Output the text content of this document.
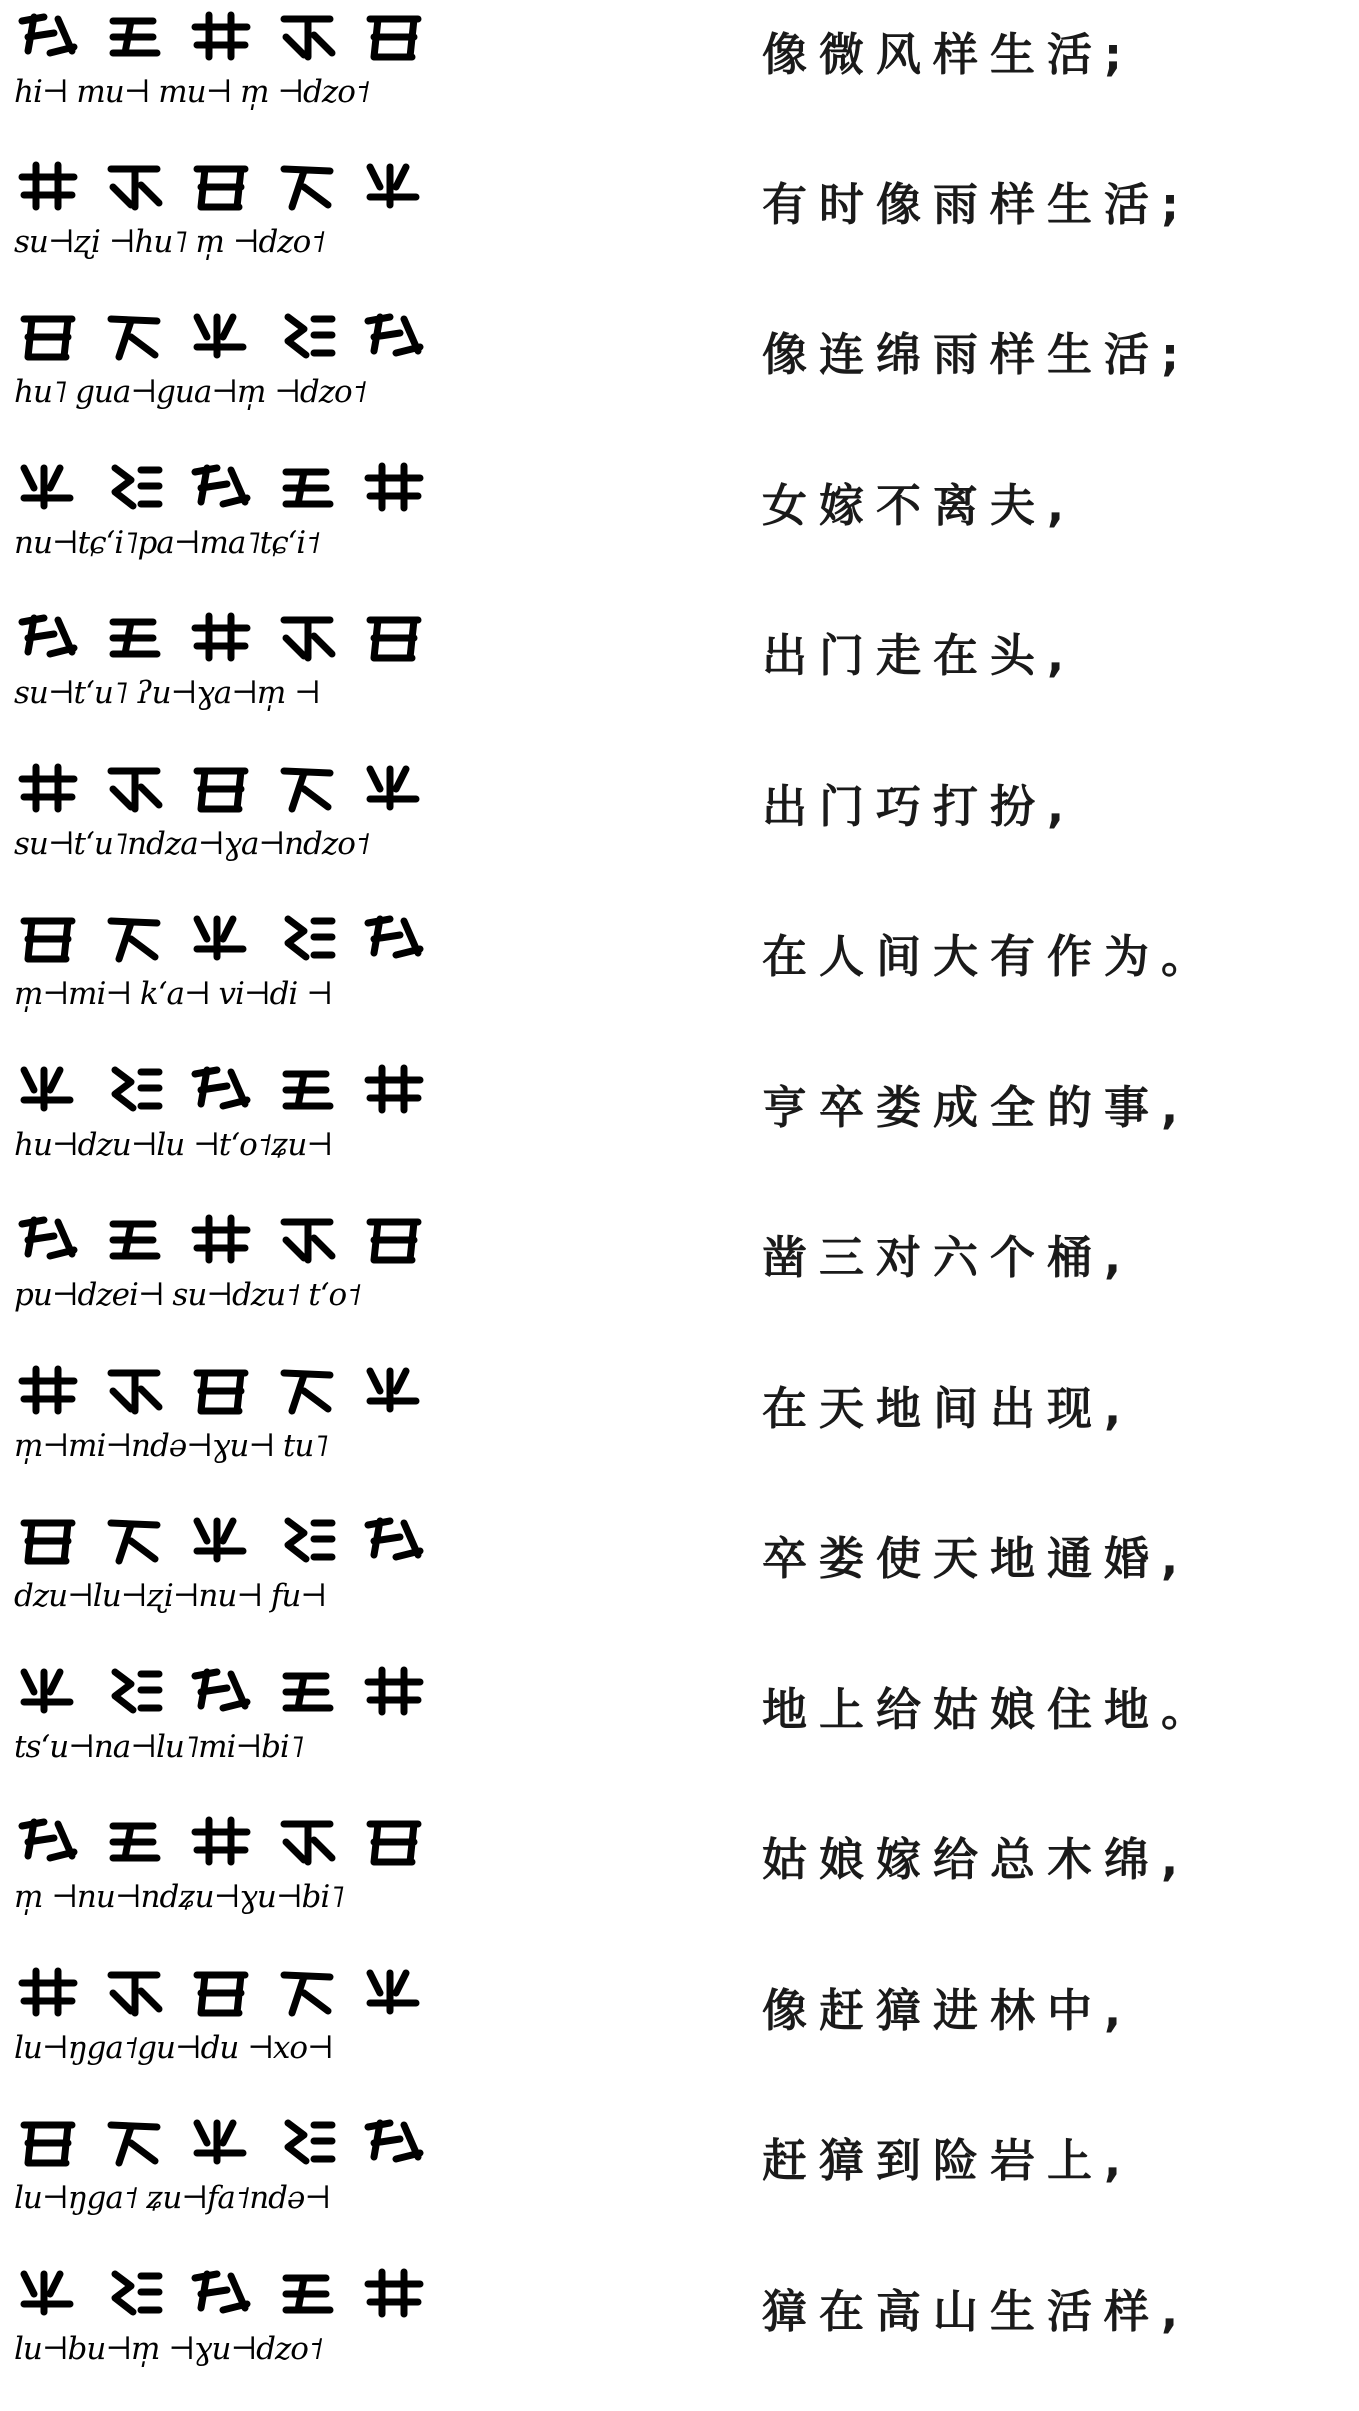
hi⊣ mu⊣ mu⊣ m̩ ⊣dzo˦
像微风样生活;
su⊣ʐi ⊣hu˥ m̩ ⊣dzo˦
有时像雨样生活;
hu˥ gua⊣gua⊣m̩ ⊣dzo˦
像连绵雨样生活;
nu⊣tɕʻi˥pa⊣ma˥tɕʻi˦
女嫁不离夫,
su⊣tʻu˥ ʔu⊣ɣa⊣m̩ ⊣
出门走在头,
su⊣tʻu˥ndza⊣ɣa⊣ndzo˦
出门巧打扮,
m̩⊣mi⊣ kʻa⊣ vi⊣di ⊣
在人间大有作为。
hu⊣dzu⊣lu ⊣tʻo˦ʑu⊣
亨卒娄成全的事,
pu⊣dzei⊣ su⊣dzu˦ tʻo˦
凿三对六个桶,
m̩⊣mi⊣ndə⊣ɣu⊣ tu˥
在天地间出现,
dzu⊣lu⊣ʐi⊣nu⊣ fu⊣
卒娄使天地通婚,
tsʻu⊣na⊣lu˥mi⊣bi˥
地上给姑娘住地。
m̩ ⊣nu⊣ndʑu⊣ɣu⊣bi˥
姑娘嫁给总木绵,
lu⊣ŋga˦gu⊣du ⊣xo⊣
像赶獐进林中,
lu⊣ŋga˦ ʑu⊣fa˦ndə⊣
赶獐到险岩上,
lu⊣bu⊣m̩ ⊣ɣu⊣dzo˦
獐在高山生活样,
